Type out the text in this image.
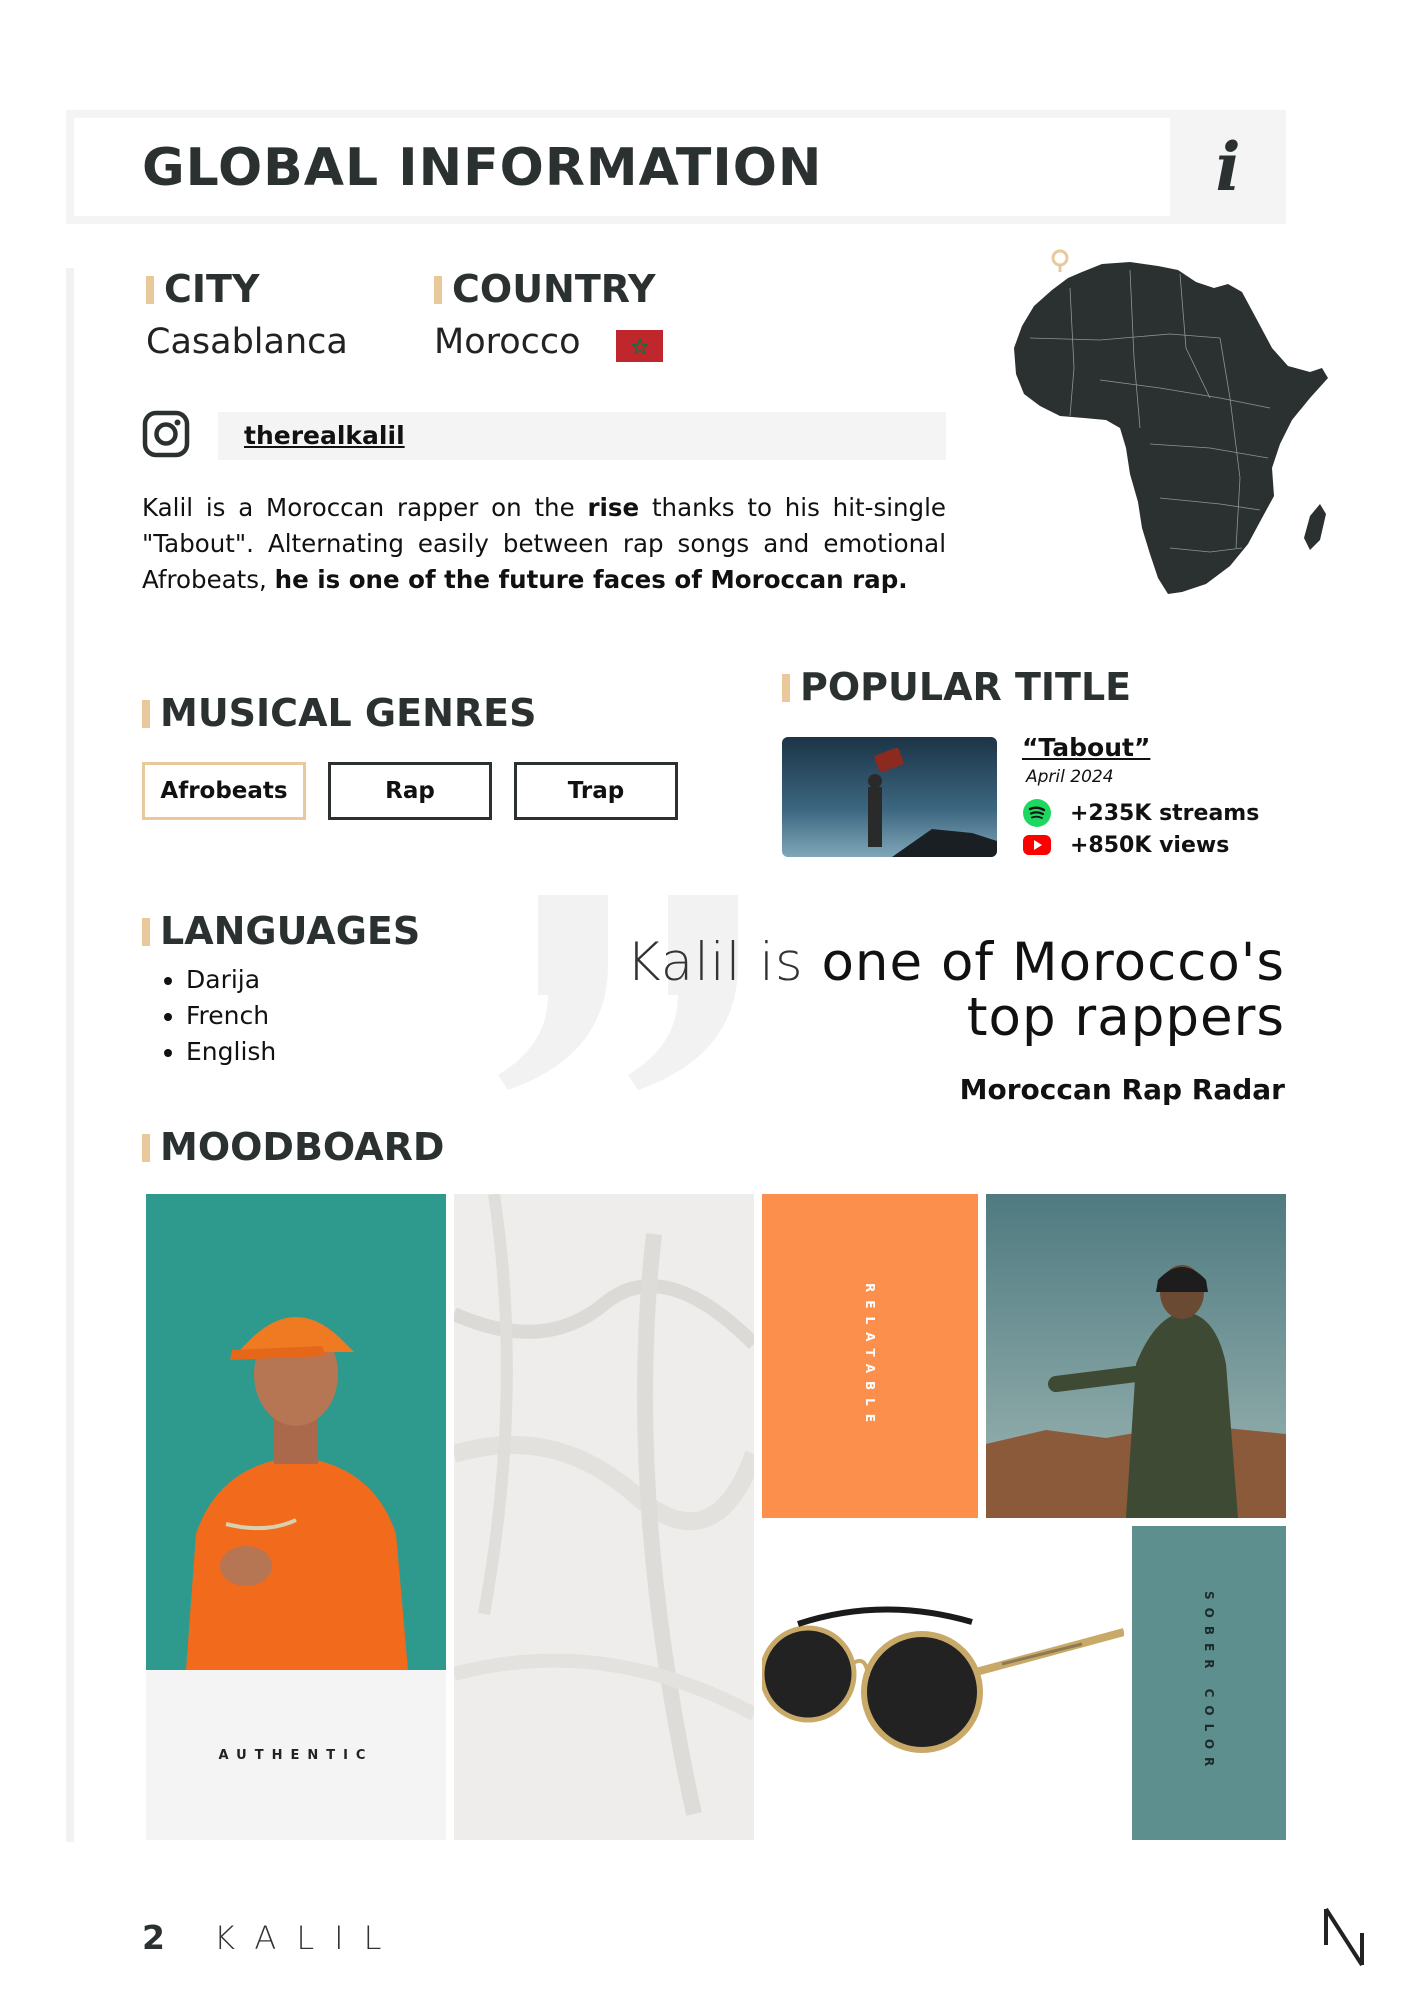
GLOBAL INFORMATION	i
CITY
Casablanca
COUNTRY
Morocco
therealkalil
Kalil is a Moroccan rapper on the rise thanks to his hit-single "Tabout". Alternating easily between rap songs and emotional Afrobeats, he is one of the future faces of Moroccan rap.
MUSICAL GENRES
Afrobeats	Rap	Trap
POPULAR TITLE
“Tabout”
April 2024
+235K streams
+850K views
LANGUAGES
• Darija
• French
• English
Kalil is one of Morocco's top rappers
Moroccan Rap Radar
MOODBOARD
AUTHENTIC
RELATABLE
SOBER COLOR
2 KALIL
